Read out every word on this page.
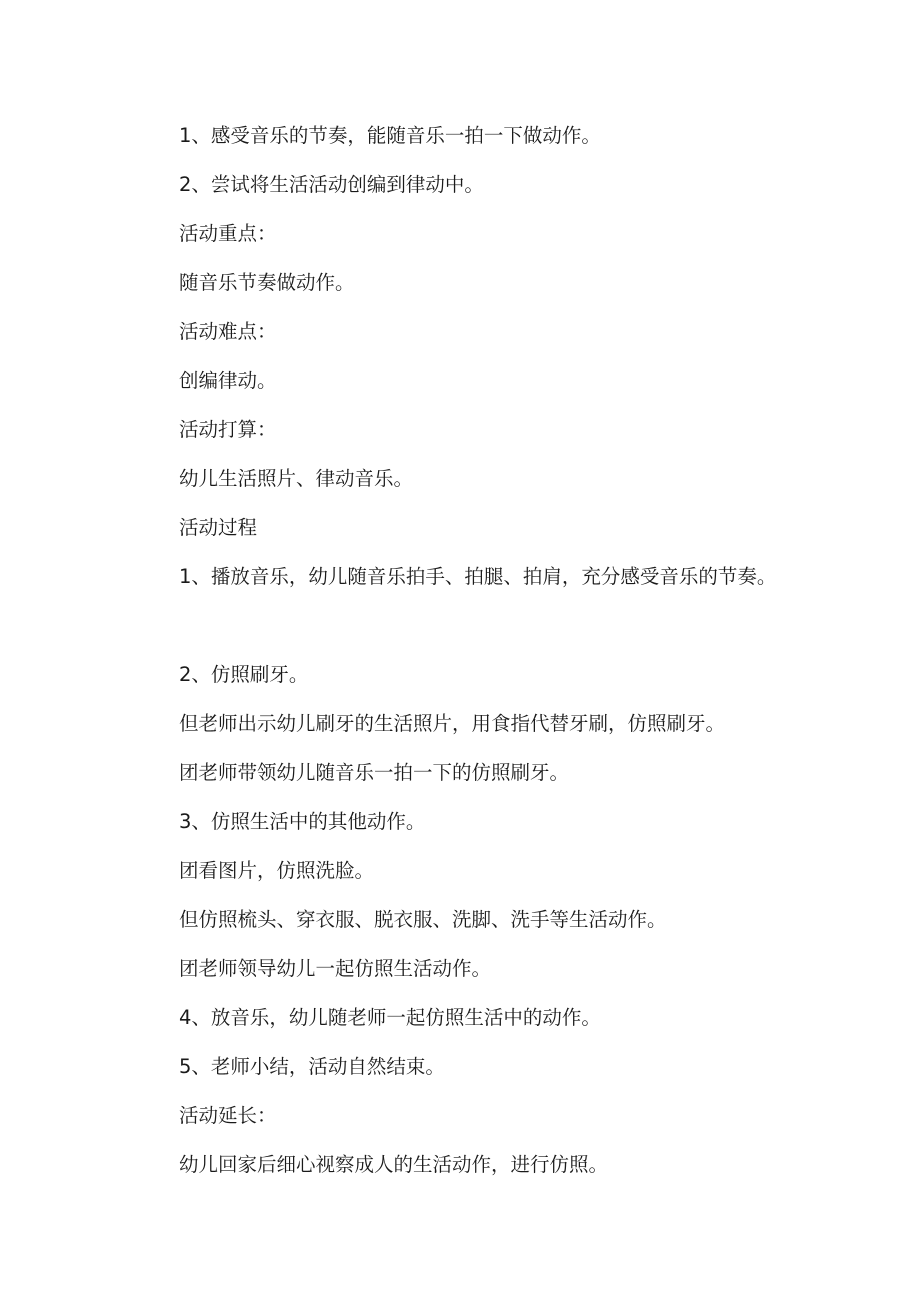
1、感受音乐的节奏，能随音乐一拍一下做动作。

2、尝试将生活活动创编到律动中。

活动重点：

随音乐节奏做动作。

活动难点：

创编律动。

活动打算：

幼儿生活照片、律动音乐。

活动过程

1、播放音乐，幼儿随音乐拍手、拍腿、拍肩，充分感受音乐的节奏。

2、仿照刷牙。

但老师出示幼儿刷牙的生活照片，用食指代替牙刷，仿照刷牙。

团老师带领幼儿随音乐一拍一下的仿照刷牙。

3、仿照生活中的其他动作。

团看图片，仿照洗脸。

但仿照梳头、穿衣服、脱衣服、洗脚、洗手等生活动作。

团老师领导幼儿一起仿照生活动作。

4、放音乐，幼儿随老师一起仿照生活中的动作。

5、老师小结，活动自然结束。

活动延长：

幼儿回家后细心视察成人的生活动作，进行仿照。
